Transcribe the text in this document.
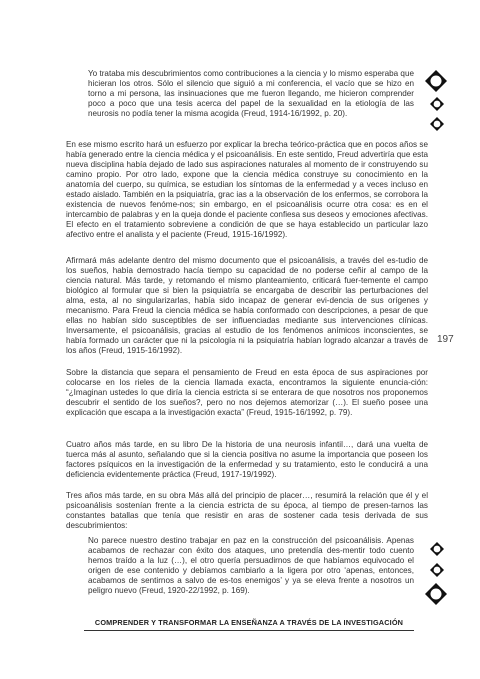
Yo trataba mis descubrimientos como contribuciones a la ciencia y lo mismo esperaba que hicieran los otros. Sólo el silencio que siguió a mi conferencia, el vacío que se hizo en torno a mi persona, las insinuaciones que me fueron llegando, me hicieron comprender poco a poco que una tesis acerca del papel de la sexualidad en la etiología de las neurosis no podía tener la misma acogida (Freud, 1914-16/1992, p. 20).

En ese mismo escrito hará un esfuerzo por explicar la brecha teórico-práctica que en pocos años se había generado entre la ciencia médica y el psicoanálisis. En este sentido, Freud advertiría que esta nueva disciplina había dejado de lado sus aspiraciones naturales al momento de ir construyendo su camino propio. Por otro lado, expone que la ciencia médica construye su conocimiento en la anatomía del cuerpo, su química, se estudian los síntomas de la enfermedad y a veces incluso en estado aislado. También en la psiquiatría, grac ias a la observación de los enfermos, se corrobora la existencia de nuevos fenóme-nos; sin embargo, en el psicoanálisis ocurre otra cosa: es en el intercambio de palabras y en la queja donde el paciente confiesa sus deseos y emociones afectivas. El efecto en el tratamiento sobreviene a condición de que se haya establecido un particular lazo afectivo entre el analista y el paciente (Freud, 1915-16/1992).

Afirmará más adelante dentro del mismo documento que el psicoanálisis, a través del es-tudio de los sueños, había demostrado hacía tiempo su capacidad de no poderse ceñir al campo de la ciencia natural. Más tarde, y retomando el mismo planteamiento, criticará fuer-temente el campo biológico al formular que si bien la psiquiatría se encargaba de describir las perturbaciones del alma, esta, al no singularizarlas, había sido incapaz de generar evi-dencia de sus orígenes y mecanismo. Para Freud la ciencia médica se había conformado con descripciones, a pesar de que ellas no habían sido susceptibles de ser influenciadas mediante sus intervenciones clínicas. Inversamente, el psicoanálisis, gracias al estudio de los fenómenos anímicos inconscientes, se había formado un carácter que ni la psicología ni la psiquiatría habían logrado alcanzar a través de los años (Freud, 1915-16/1992).

Sobre la distancia que separa el pensamiento de Freud en esta época de sus aspiraciones por colocarse en los rieles de la ciencia llamada exacta, encontramos la siguiente enuncia-ción: “¿Imaginan ustedes lo que diría la ciencia estricta si se enterara de que nosotros nos proponemos descubrir el sentido de los sueños?, pero no nos dejemos atemorizar (…). El sueño posee una explicación que escapa a la investigación exacta” (Freud, 1915-16/1992, p. 79).

Cuatro años más tarde, en su libro De la historia de una neurosis infantil…, dará una vuelta de tuerca más al asunto, señalando que si la ciencia positiva no asume la importancia que poseen los factores psíquicos en la investigación de la enfermedad y su tratamiento, esto le conducirá a una deficiencia evidentemente práctica (Freud, 1917-19/1992).

Tres años más tarde, en su obra Más allá del principio de placer…, resumirá la relación que él y el psicoanálisis sostenían frente a la ciencia estricta de su época, al tiempo de presen-tarnos las constantes batallas que tenía que resistir en aras de sostener cada tesis derivada de sus descubrimientos:

No parece nuestro destino trabajar en paz en la construcción del psicoanálisis. Apenas acabamos de rechazar con éxito dos ataques, uno pretendía des-mentir todo cuento hemos traído a la luz (…), el otro quería persuadirnos de que habíamos equivocado el origen de ese contenido y debíamos cambiarlo a la ligera por otro ‘apenas, entonces, acabamos de sentirnos a salvo de es-tos enemigos’ y ya se eleva frente a nosotros un peligro nuevo (Freud, 1920-22/1992, p. 169).

197
COMPRENDER Y TRANSFORMAR LA ENSEÑANZA A TRAVÉS DE LA INVESTIGACIÓN
